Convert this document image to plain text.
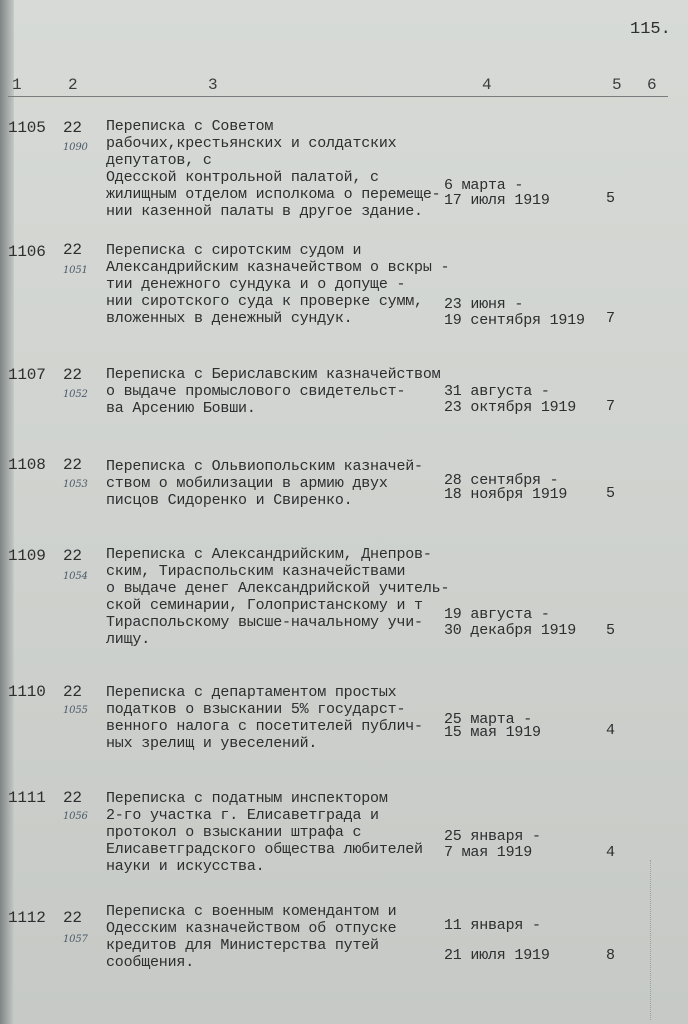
115.
1	2	3	4	5 6
1105 22
1090
Переписка с Советом рабочих,крестьянских и солдатских депутатов, с
Одесской контрольной палатой, с жилищным отделом исполкома о перемеще-
нии казенной палаты в другое здание.
6 марта -
17 июля 1919	5
1106 22
1051
Переписка с сиротским судом и Александрийским казначейством о вскры -
тии денежного сундука и о допуще -
нии сиротского суда к проверке сумм,
вложенных в денежный сундук.
23 июня -
19 сентября 1919 7
1107 22
1052
Переписка с Бериславским казначейством
о выдаче промыслового свидетельст-
ва Арсению Бовши.
31 августа -
23 октября 1919 7
1108 22
1053
Переписка с Ольвиопольским казначей-
ством о мобилизации в армию двух
писцов Сидоренко и Свиренко.
28 сентября -
18 ноября 1919	5
1109 22
1054
Переписка с Александрийским, Днепров-
ским, Тираспольским казначействами
о выдаче денег Александрийской учитель-
ской семинарии, Голопристанскому и т
Тираспольскому высше-начальному учи-
лищу.
19 августа -
30 декабря 1919 5
1110 22
1055
Переписка с департаментом простых
податков о взыскании 5% государст-
венного налога с посетителей публич-
ных зрелищ и увеселений.
25 марта -
15 мая 1919	4
1111 22
1056
Переписка с податным инспектором
2-го участка г. Елисаветграда и
протокол о взыскании штрафа с Елисаветградского общества любителей
науки и искусства.
25 января -
7 мая 1919	4
1112 22
1057
Переписка с военным комендантом и
Одесским казначейством об отпуске
кредитов для Министерства путей
сообщения.
11 января -
21 июля 1919	8
